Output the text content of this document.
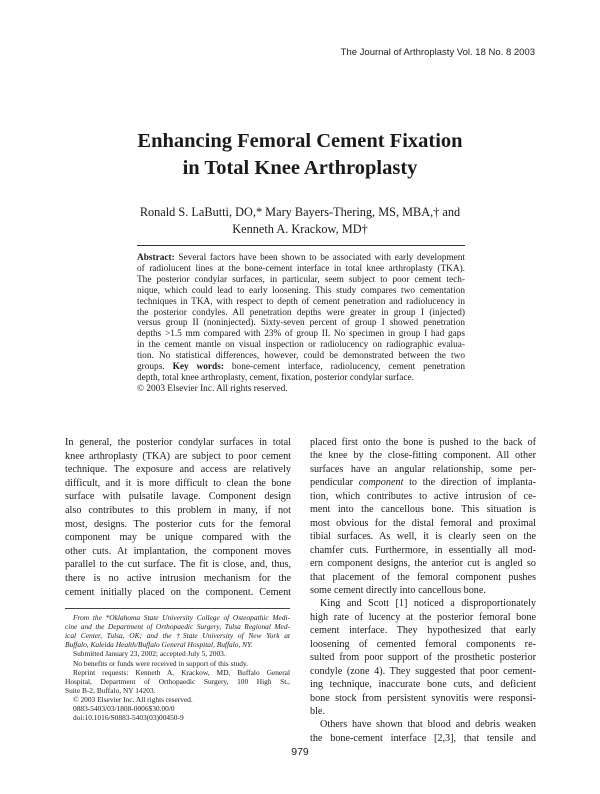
The Journal of Arthroplasty Vol. 18 No. 8 2003
Enhancing Femoral Cement Fixation
in Total Knee Arthroplasty
Ronald S. LaButti, DO,* Mary Bayers-Thering, MS, MBA,† and
Kenneth A. Krackow, MD†
Abstract: Several factors have been shown to be associated with early development
of radiolucent lines at the bone-cement interface in total knee arthroplasty (TKA).
The posterior condylar surfaces, in particular, seem subject to poor cement tech-
nique, which could lead to early loosening. This study compares two cementation
techniques in TKA, with respect to depth of cement penetration and radiolucency in
the posterior condyles. All penetration depths were greater in group I (injected)
versus group II (noninjected). Sixty-seven percent of group I showed penetration
depths >1.5 mm compared with 23% of group II. No specimen in group I had gaps
in the cement mantle on visual inspection or radiolucency on radiographic evalua-
tion. No statistical differences, however, could be demonstrated between the two
groups. Key words: bone-cement interface, radiolucency, cement penetration
depth, total knee arthroplasty, cement, fixation, posterior condylar surface.
© 2003 Elsevier Inc. All rights reserved.
In general, the posterior condylar surfaces in total
knee arthroplasty (TKA) are subject to poor cement
technique. The exposure and access are relatively
difficult, and it is more difficult to clean the bone
surface with pulsatile lavage. Component design
also contributes to this problem in many, if not
most, designs. The posterior cuts for the femoral
component may be unique compared with the
other cuts. At implantation, the component moves
parallel to the cut surface. The fit is close, and, thus,
there is no active intrusion mechanism for the
cement initially placed on the component. Cement
placed first onto the bone is pushed to the back of
the knee by the close-fitting component. All other
surfaces have an angular relationship, some per-
pendicular component to the direction of implanta-
tion, which contributes to active intrusion of ce-
ment into the cancellous bone. This situation is
most obvious for the distal femoral and proximal
tibial surfaces. As well, it is clearly seen on the
chamfer cuts. Furthermore, in essentially all mod-
ern component designs, the anterior cut is angled so
that placement of the femoral component pushes
some cement directly into cancellous bone.
King and Scott [1] noticed a disproportionately
high rate of lucency at the posterior femoral bone
cement interface. They hypothesized that early
loosening of cemented femoral components re-
sulted from poor support of the prosthetic posterior
condyle (zone 4). They suggested that poor cement-
ing technique, inaccurate bone cuts, and deficient
bone stock from persistent synovitis were responsi-
ble.
Others have shown that blood and debris weaken
the bone-cement interface [2,3], that tensile and
From the *Oklahoma State University College of Osteopathic Medi-
cine and the Department of Orthopaedic Surgery, Tulsa Regional Med-
ical Center, Tulsa, OK; and the †State University of New York at
Buffalo, Kaleida Health/Buffalo General Hospital, Buffalo, NY.
Submitted January 23, 2002; accepted July 5, 2003.
No benefits or funds were received in support of this study.
Reprint requests: Kenneth A. Krackow, MD, Buffalo General
Hospital, Department of Orthopaedic Surgery, 100 High St.,
Suite B-2, Buffalo, NY 14203.
© 2003 Elsevier Inc. All rights reserved.
0883-5403/03/1808-0006$30.00/0
doi:10.1016/S0883-5403(03)00450-9
979
